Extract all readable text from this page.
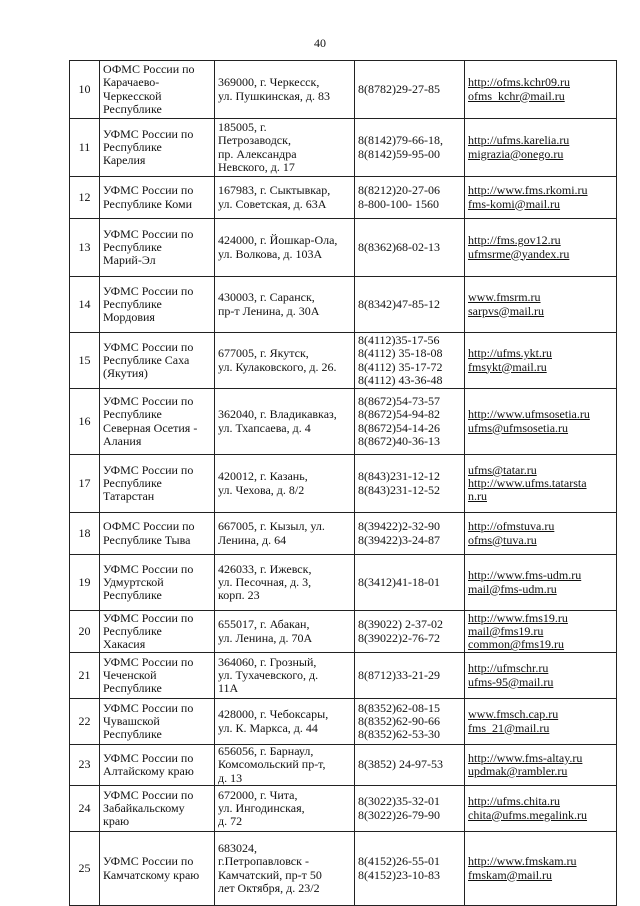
40
10	ОФМС России по
Карачаево-
Черкесской
Республике	369000, г. Черкесск,
ул. Пушкинская, д. 83	8(8782)29-27-85	http://ofms.kchr09.ru
ofms_kchr@mail.ru

11	УФМС России по
Республике
Карелия	185005, г.
Петрозаводск,
пр. Александра
Невского, д. 17	8(8142)79-66-18,
8(8142)59-95-00	http://ufms.karelia.ru
migrazia@onego.ru

12	УФМС России по
Республике Коми	167983, г. Сыктывкар,
ул. Советская, д. 63А	8(8212)20-27-06
8-800-100- 1560	http://www.fms.rkomi.ru
fms-komi@mail.ru

13	УФМС России по
Республике
Марий-Эл	424000, г. Йошкар-Ола,
ул. Волкова, д. 103А	8(8362)68-02-13	http://fms.gov12.ru
ufmsrme@yandex.ru

14	УФМС России по
Республике
Мордовия	430003, г. Саранск,
пр-т Ленина, д. 30А	8(8342)47-85-12	www.fmsrm.ru
sarpvs@mail.ru

15	УФМС России по
Республике Саха
(Якутия)	677005, г. Якутск,
ул. Кулаковского, д. 26.	8(4112)35-17-56
8(4112) 35-18-08
8(4112) 35-17-72
8(4112) 43-36-48	http://ufms.ykt.ru
fmsykt@mail.ru

16	УФМС России по
Республике
Северная Осетия -
Алания	362040, г. Владикавказ,
ул. Тхапсаева, д. 4	8(8672)54-73-57
8(8672)54-94-82
8(8672)54-14-26
8(8672)40-36-13	http://www.ufmsosetia.ru
ufms@ufmsosetia.ru

17	УФМС России по
Республике
Татарстан	420012, г. Казань,
ул. Чехова, д. 8/2	8(843)231-12-12
8(843)231-12-52	ufms@tatar.ru
http://www.ufms.tatarsta
n.ru

18	ОФМС России по
Республике Тыва	667005, г. Кызыл, ул.
Ленина, д. 64	8(39422)2-32-90
8(39422)3-24-87	http://ofmstuva.ru
ofms@tuva.ru

19	УФМС России по
Удмуртской
Республике	426033, г. Ижевск,
ул. Песочная, д. 3,
корп. 23	8(3412)41-18-01	http://www.fms-udm.ru
mail@fms-udm.ru

20	УФМС России по
Республике
Хакасия	655017, г. Абакан,
ул. Ленина, д. 70А	8(39022) 2-37-02
8(39022)2-76-72	http://www.fms19.ru
mail@fms19.ru
common@fms19.ru

21	УФМС России по
Чеченской
Республике	364060, г. Грозный,
ул. Тухачевского, д.
11А	8(8712)33-21-29	http://ufmschr.ru
ufms-95@mail.ru

22	УФМС России по
Чувашской
Республике	428000, г. Чебоксары,
ул. К. Маркса, д. 44	8(8352)62-08-15
8(8352)62-90-66
8(8352)62-53-30	www.fmsch.cap.ru
fms_21@mail.ru

23	УФМС России по
Алтайскому краю	656056, г. Барнаул,
Комсомольский пр-т,
д. 13	8(3852) 24-97-53	http://www.fms-altay.ru
updmak@rambler.ru

24	УФМС России по
Забайкальскому
краю	672000, г. Чита,
ул. Ингодинская,
д. 72	8(3022)35-32-01
8(3022)26-79-90	http://ufms.chita.ru
chita@ufms.megalink.ru

25	УФМС России по
Камчатскому краю	683024,
г.Петропавловск -
Камчатский, пр-т 50
лет Октября, д. 23/2	8(4152)26-55-01
8(4152)23-10-83	http://www.fmskam.ru
fmskam@mail.ru
